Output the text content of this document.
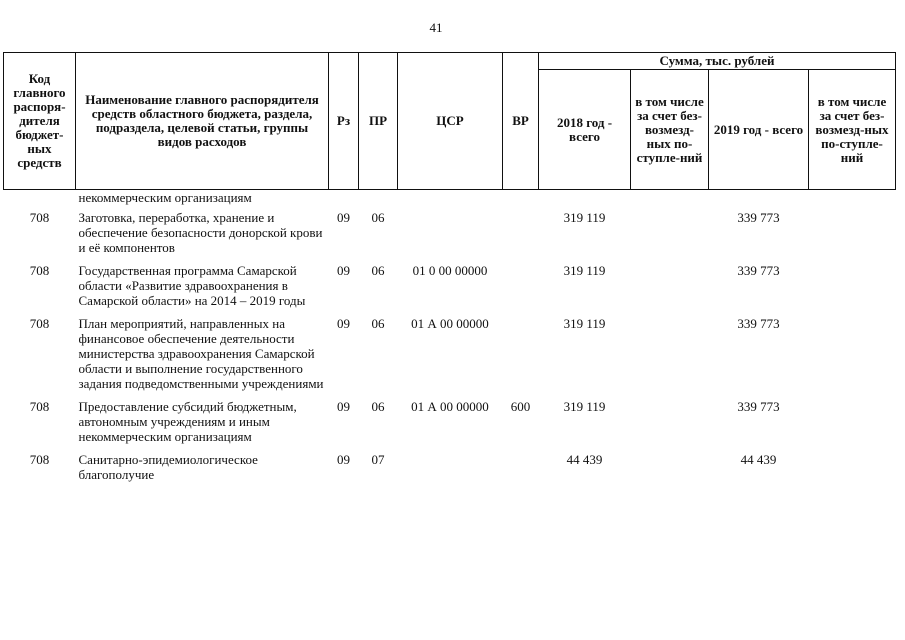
41
Код главного распоря-дителя бюджет-ных средств	Наименование главного распорядителя средств областного бюджета, раздела, подраздела, целевой статьи, группы видов расходов	Рз	ПР	ЦСР	ВР	Сумма, тыс. рублей			
						2018 год - всего	в том числе за счет без-возмезд-ных по-ступле-ний	2019 год - всего	в том числе за счет без-возмезд-ных по-ступле-ний
	некоммерческим организациям								
708	Заготовка, переработка, хранение и обеспечение безопасности донорской крови и её компонентов	09	06			319 119		339 773	
708	Государственная программа Самарской области «Развитие здравоохранения в Самарской области» на 2014 – 2019 годы	09	06	01 0 00 00000		319 119		339 773	
708	План мероприятий, направленных на финансовое обеспечение деятельности министерства здравоохранения Самарской области и выполнение государственного задания подведомственными учреждениями	09	06	01 А 00 00000		319 119		339 773	
708	Предоставление субсидий бюджетным, автономным учреждениям и иным некоммерческим организациям	09	06	01 А 00 00000	600	319 119		339 773	
708	Санитарно-эпидемиологическое благополучие	09	07			44 439		44 439	
